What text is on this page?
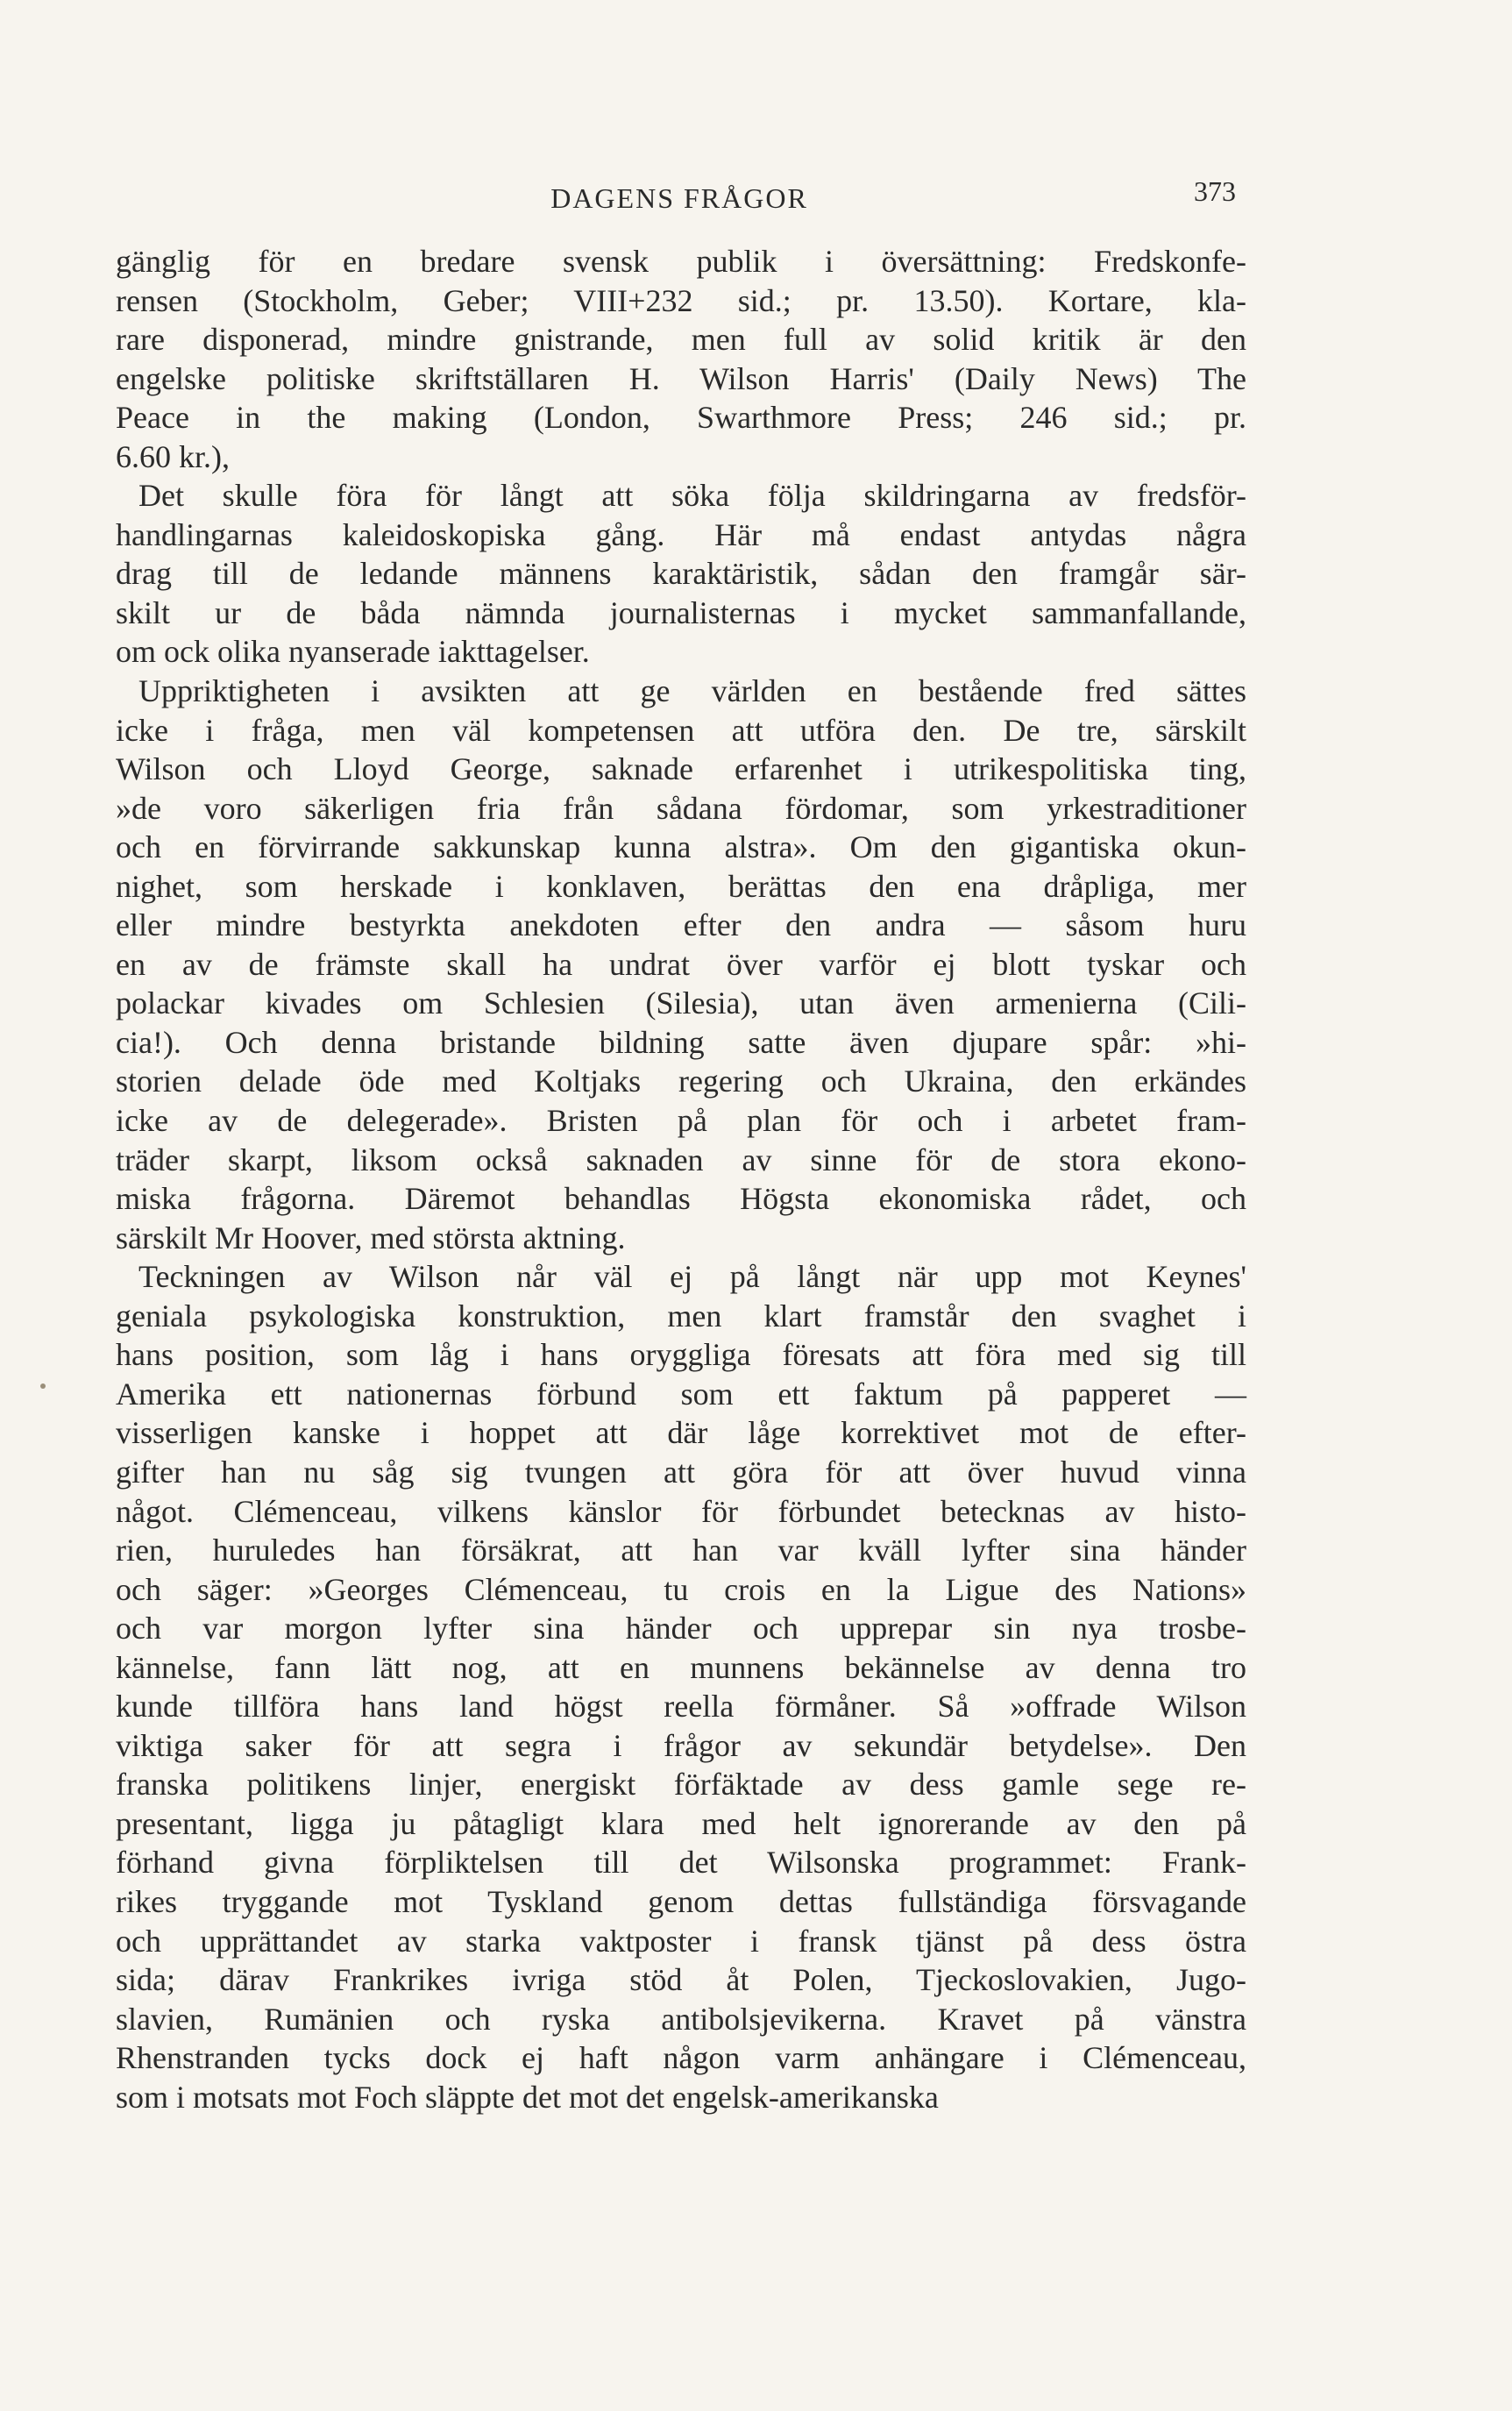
DAGENS FRÅGOR	373
gänglig för en bredare svensk publik i översättning: Fredskonfe-
rensen (Stockholm, Geber; VIII+232 sid.; pr. 13.50). Kortare, kla-
rare disponerad, mindre gnistrande, men full av solid kritik är den
engelske politiske skriftställaren H. Wilson Harris' (Daily News) The
Peace in the making (London, Swarthmore Press; 246 sid.; pr.
6.60 kr.),
Det skulle föra för långt att söka följa skildringarna av fredsför-
handlingarnas kaleidoskopiska gång. Här må endast antydas några
drag till de ledande männens karaktäristik, sådan den framgår sär-
skilt ur de båda nämnda journalisternas i mycket sammanfallande,
om ock olika nyanserade iakttagelser.
Uppriktigheten i avsikten att ge världen en bestående fred sättes
icke i fråga, men väl kompetensen att utföra den. De tre, särskilt
Wilson och Lloyd George, saknade erfarenhet i utrikespolitiska ting,
»de voro säkerligen fria från sådana fördomar, som yrkestraditioner
och en förvirrande sakkunskap kunna alstra». Om den gigantiska okun-
nighet, som herskade i konklaven, berättas den ena dråpliga, mer
eller mindre bestyrkta anekdoten efter den andra — såsom huru
en av de främste skall ha undrat över varför ej blott tyskar och
polackar kivades om Schlesien (Silesia), utan även armenierna (Cili-
cia!). Och denna bristande bildning satte även djupare spår: »hi-
storien delade öde med Koltjaks regering och Ukraina, den erkändes
icke av de delegerade». Bristen på plan för och i arbetet fram-
träder skarpt, liksom också saknaden av sinne för de stora ekono-
miska frågorna. Däremot behandlas Högsta ekonomiska rådet, och
särskilt Mr Hoover, med största aktning.
Teckningen av Wilson når väl ej på långt när upp mot Keynes'
geniala psykologiska konstruktion, men klart framstår den svaghet i
hans position, som låg i hans oryggliga föresats att föra med sig till
Amerika ett nationernas förbund som ett faktum på papperet —
visserligen kanske i hoppet att där låge korrektivet mot de efter-
gifter han nu såg sig tvungen att göra för att över huvud vinna
något. Clémenceau, vilkens känslor för förbundet betecknas av histo-
rien, huruledes han försäkrat, att han var kväll lyfter sina händer
och säger: »Georges Clémenceau, tu crois en la Ligue des Nations»
och var morgon lyfter sina händer och upprepar sin nya trosbe-
kännelse, fann lätt nog, att en munnens bekännelse av denna tro
kunde tillföra hans land högst reella förmåner. Så »offrade Wilson
viktiga saker för att segra i frågor av sekundär betydelse». Den
franska politikens linjer, energiskt förfäktade av dess gamle sege re-
presentant, ligga ju påtagligt klara med helt ignorerande av den på
förhand givna förpliktelsen till det Wilsonska programmet: Frank-
rikes tryggande mot Tyskland genom dettas fullständiga försvagande
och upprättandet av starka vaktposter i fransk tjänst på dess östra
sida; därav Frankrikes ivriga stöd åt Polen, Tjeckoslovakien, Jugo-
slavien, Rumänien och ryska antibolsjevikerna. Kravet på vänstra
Rhenstranden tycks dock ej haft någon varm anhängare i Clémenceau,
som i motsats mot Foch släppte det mot det engelsk-amerikanska
